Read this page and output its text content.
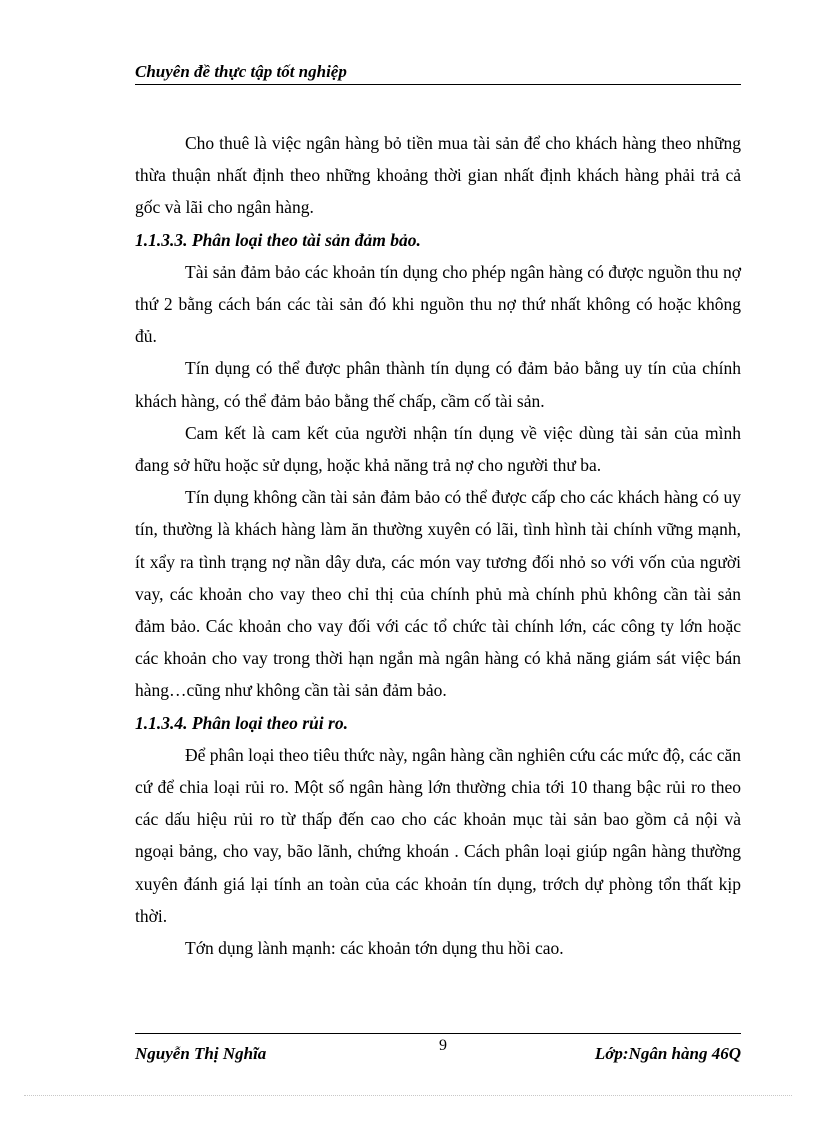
Chuyên đề thực tập tốt nghiệp

Cho thuê là việc ngân hàng bỏ tiền mua tài sản để cho khách hàng theo những thừa thuận nhất định theo những khoảng thời gian nhất định khách hàng phải trả cả gốc và lãi cho ngân hàng.

1.1.3.3. Phân loại theo tài sản đảm bảo.

Tài sản đảm bảo các khoản tín dụng cho phép ngân hàng có được nguồn thu nợ thứ 2 bằng cách bán các tài sản đó khi nguồn thu nợ thứ nhất không có hoặc không đủ.

Tín dụng có thể được phân thành tín dụng có đảm bảo bằng uy tín của chính khách hàng, có thể đảm bảo bằng thế chấp, cầm cố tài sản.

Cam kết là cam kết của người nhận tín dụng về việc dùng tài sản của mình đang sở hữu hoặc sử dụng, hoặc khả năng trả nợ cho người thư ba.

Tín dụng không cần tài sản đảm bảo có thể được cấp cho các khách hàng có uy tín, thường là khách hàng làm ăn thường xuyên có lãi, tình hình tài chính vững mạnh, ít xẩy ra tình trạng nợ nần dây dưa, các món vay tương đối nhỏ so với vốn của người vay, các khoản cho vay theo chỉ thị của chính phủ mà chính phủ không cần tài sản đảm bảo. Các khoản cho vay đối với các tổ chức tài chính lớn, các công ty lớn hoặc các khoản cho vay trong thời hạn ngắn mà ngân hàng có khả năng giám sát việc bán hàng…cũng như không cần tài sản đảm bảo.

1.1.3.4. Phân loại theo rủi ro.

Để phân loại theo tiêu thức này, ngân hàng cần nghiên cứu các mức độ, các căn cứ để chia loại rủi ro. Một số ngân hàng lớn thường chia tới 10 thang bậc rủi ro theo các dấu hiệu rủi ro từ thấp đến cao cho các khoản mục tài sản bao gồm cả nội và ngoại bảng, cho vay, bão lãnh, chứng khoán . Cách phân loại giúp ngân hàng thường xuyên đánh giá lại tính an toàn của các khoản tín dụng, trớch dự phòng tổn thất kịp thời.

Tớn dụng lành mạnh: các khoản tớn dụng thu hồi cao.

9
Nguyễn Thị Nghĩa	Lớp:Ngân hàng 46Q
